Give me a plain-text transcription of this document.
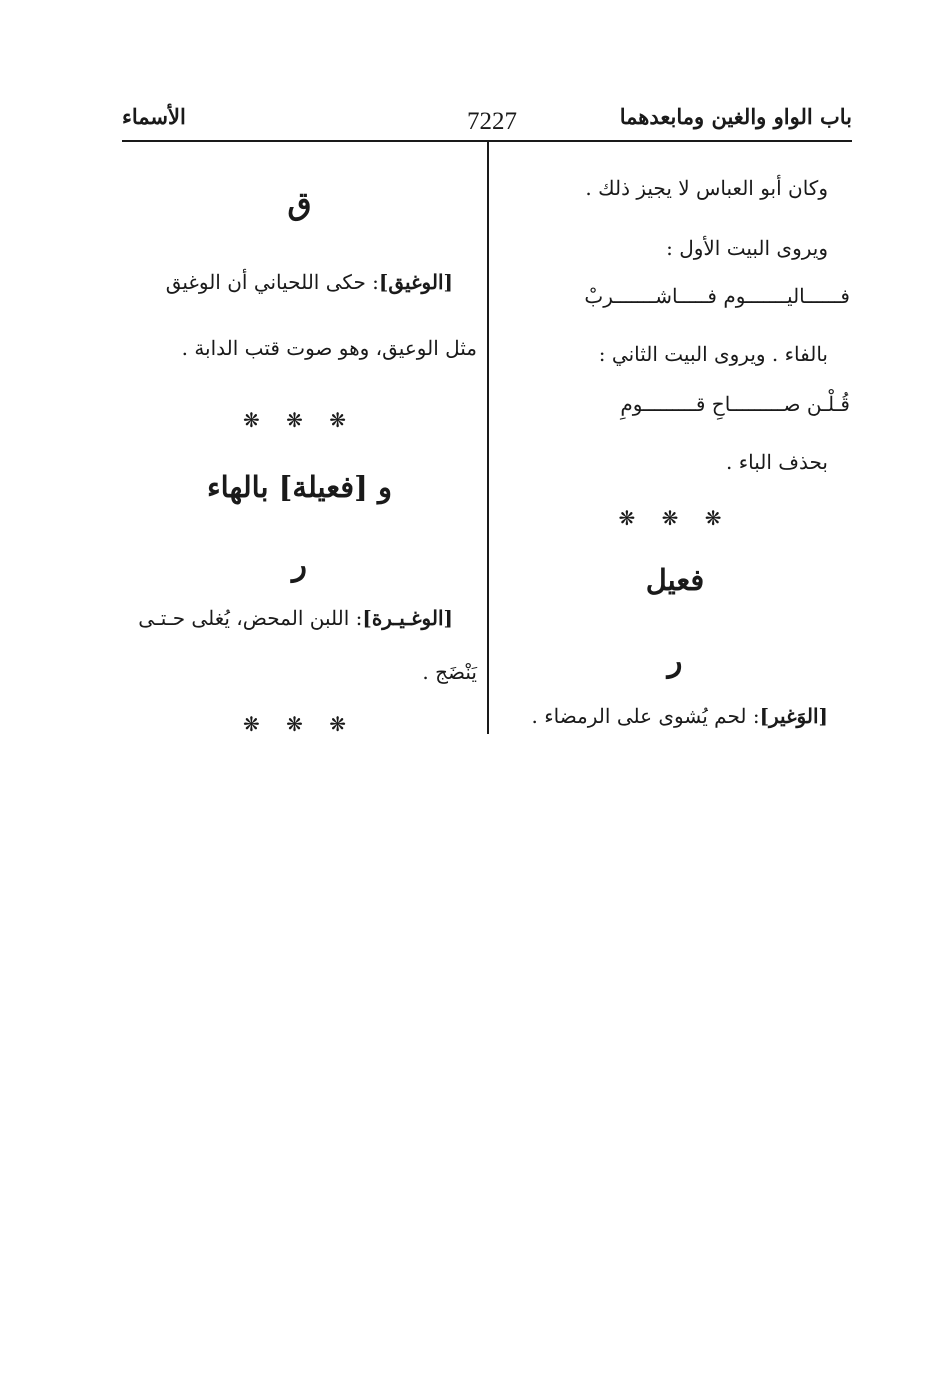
باب الواو والغين ومابعدهما
7227
الأسماء
وكان أبو العباس لا يجيز ذلك .
ويروى البيت الأول :
فــــــاليـــــــوم فـــــاشـــــــربْ
بالفاء . ويروى البيت الثاني :
قُـلْـن صـــــــــاحِ قـــــــــومِ
بحذف الباء .
❋ ❋ ❋
فعيل
ر
[الوَغير]: لحم يُشوى على الرمضاء .
ق
[الوغيق]: حكى اللحياني أن الوغيق
مثل الوعيق، وهو صوت قتب الدابة .
❋ ❋ ❋
و [فعيلة] بالهاء
ر
[الوغـيـرة]: اللبن المحض، يُغلى حـتـى
يَنْضَج .
❋ ❋ ❋
